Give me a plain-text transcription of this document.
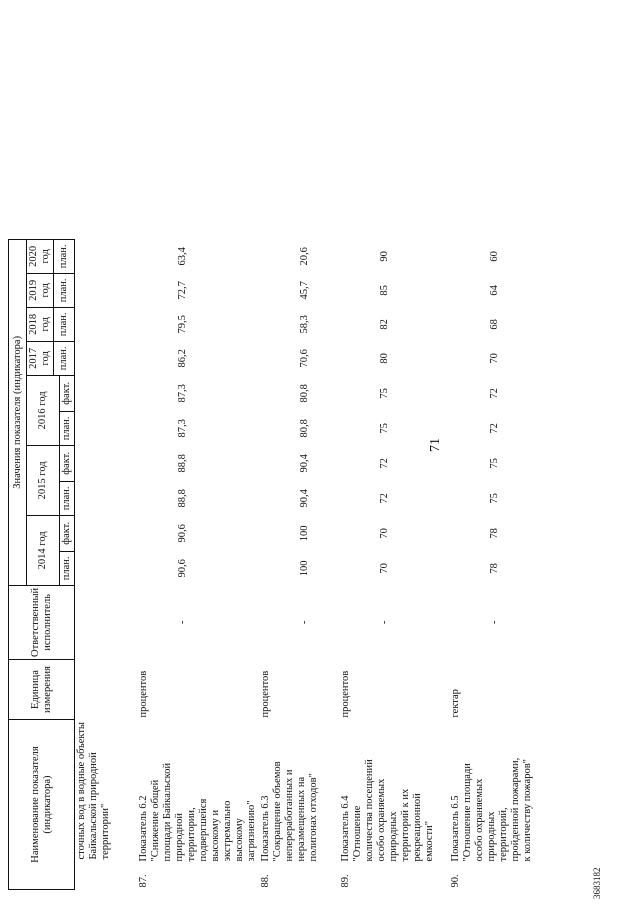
71
Наименование показателя (индикатора)	Единица измерения	Ответственный исполнитель	Значения показателя (индикатора)									
			2014 год		2015 год		2016 год		2017 год	2018 год	2019 год	2020 год
									план.	план.	план.	план.
			план.	факт.	план.	факт.	план.	факт.				
сточных вод в водные объекты Байкальской природной территории"												
87.Показатель 6.2 "Снижение общей площади Байкальской природной территории, подвергшейся высокому и экстремально высокому загрязнению"	процентов	-	90,6	90,6	88,8	88,8	87,3	87,3	86,2	79,5	72,7	63,4
88.Показатель 6.3 "Сокращение объемов непереработанных и неразмещенных на полигонах отходов"	процентов	-	100	100	90,4	90,4	80,8	80,8	70,6	58,3	45,7	20,6
89.Показатель 6.4 "Отношение количества посещений особо охраняемых природных территорий к их рекреационной емкости"	процентов	-	70	70	72	72	75	75	80	82	85	90
90.Показатель 6.5 "Отношение площади особо охраняемых природных территорий, пройденной пожарами, к количеству пожаров"	гектар	-	78	78	75	75	72	72	70	68	64	60
3683182
